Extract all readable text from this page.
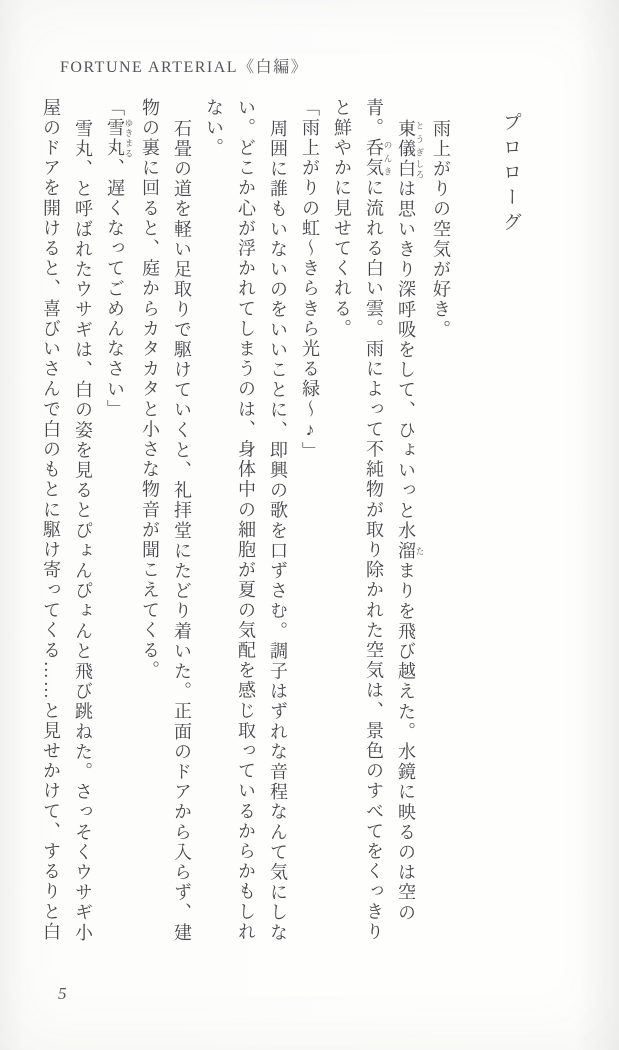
FORTUNE ARTERIAL《白編》
プロローグ

雨上がりの空気が好き。

東儀 とうぎ白 しろは思いきり深呼吸をして、ひょいっと水溜 たまりを飛び越えた。水鏡に映るのは空の青。呑気 のんきに流れる白い雲。雨によって不純物が取り除かれた空気は、景色のすべてをくっきりと鮮やかに見せてくれる。

「雨上がりの虹～きらきら光る緑～♪」

周囲に誰もいないのをいいことに、即興の歌を口ずさむ。調子はずれな音程なんて気にしない。どこか心が浮かれてしまうのは、身体中の細胞が夏の気配を感じ取っているからかもしれない。

石畳の道を軽い足取りで駆けていくと、礼拝堂にたどり着いた。正面のドアから入らず、建物の裏に回ると、庭からカタカタと小さな物音が聞こえてくる。

「雪丸 ゆきまる、遅くなってごめんなさい」

雪丸、と呼ばれたウサギは、白の姿を見るとぴょんぴょんと飛び跳ねた。さっそくウサギ小屋のドアを開けると、喜びいさんで白のもとに駆け寄ってくる……と見せかけて、するりと白

5
